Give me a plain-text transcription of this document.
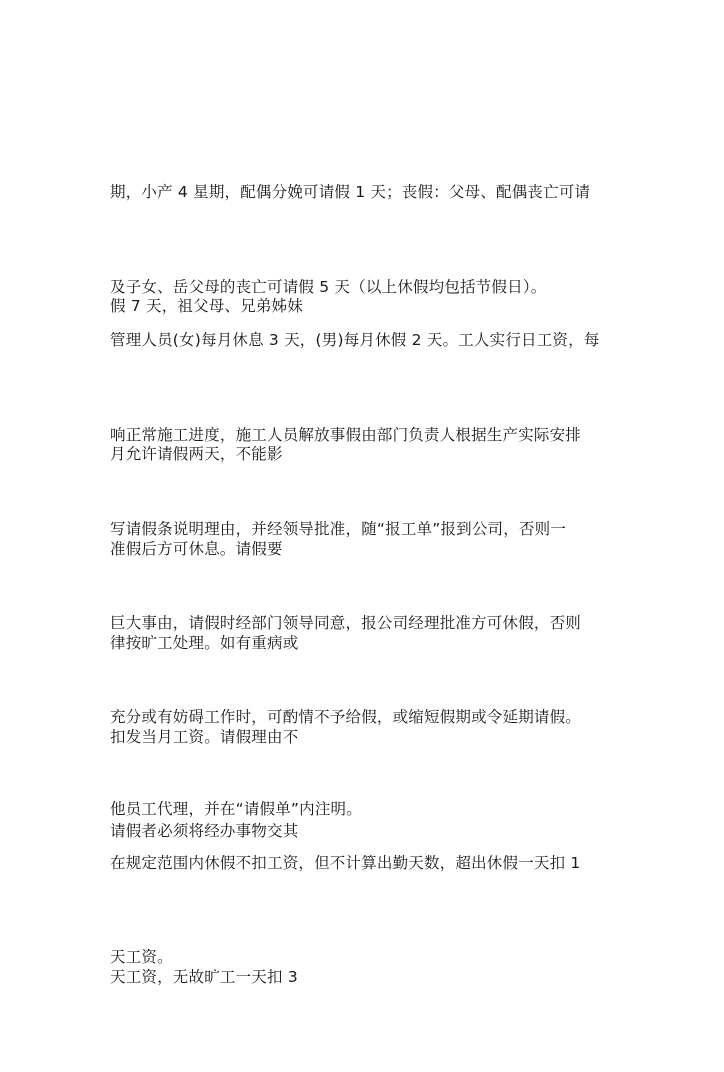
期，小产 4 星期，配偶分娩可请假 1 天；丧假：父母、配偶丧亡可请

假 7 天，祖父母、兄弟姊妹

及子女、岳父母的丧亡可请假 5 天（以上休假均包括节假日）。

管理人员(女)每月休息 3 天，(男)每月休假 2 天。工人实行日工资，每

月允许请假两天，不能影

响正常施工进度，施工人员解放事假由部门负责人根据生产实际安排

准假后方可休息。请假要

写请假条说明理由，并经领导批准，随“报工单”报到公司，否则一

律按旷工处理。如有重病或

巨大事由，请假时经部门领导同意，报公司经理批准方可休假，否则

扣发当月工资。请假理由不

充分或有妨碍工作时，可酌情不予给假，或缩短假期或令延期请假。

请假者必须将经办事物交其

他员工代理，并在“请假单”内注明。

在规定范围内休假不扣工资，但不计算出勤天数，超出休假一天扣 1

天工资，无故旷工一天扣 3

天工资。
